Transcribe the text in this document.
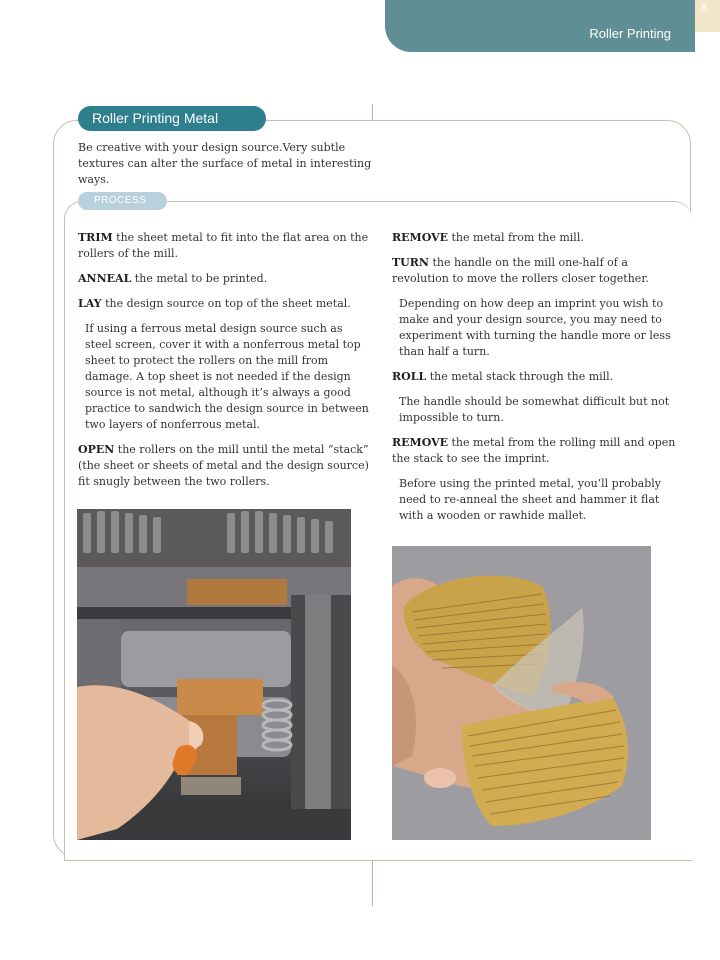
Roller Printing
8
Roller Printing Metal
Be creative with your design source.Very subtle textures can alter the surface of metal in interesting ways.
PROCESS

TRIM the sheet metal to fit into the flat area on the rollers of the mill.

ANNEAL the metal to be printed.

LAY the design source on top of the sheet metal.

If using a ferrous metal design source such as steel screen, cover it with a nonferrous metal top sheet to protect the rollers on the mill from damage. A top sheet is not needed if the design source is not metal, although it’s always a good practice to sandwich the design source in between two layers of nonferrous metal.

OPEN the rollers on the mill until the metal “stack” (the sheet or sheets of metal and the design source) fit snugly between the two rollers.

REMOVE the metal from the mill.

TURN the handle on the mill one-half of a revolution to move the rollers closer together.

Depending on how deep an imprint you wish to make and your design source, you may need to experiment with turning the handle more or less than half a turn.

ROLL the metal stack through the mill.

The handle should be somewhat difficult but not impossible to turn.

REMOVE the metal from the rolling mill and open the stack to see the imprint.

Before using the printed metal, you’ll probably need to re-anneal the sheet and hammer it flat with a wooden or rawhide mallet.
